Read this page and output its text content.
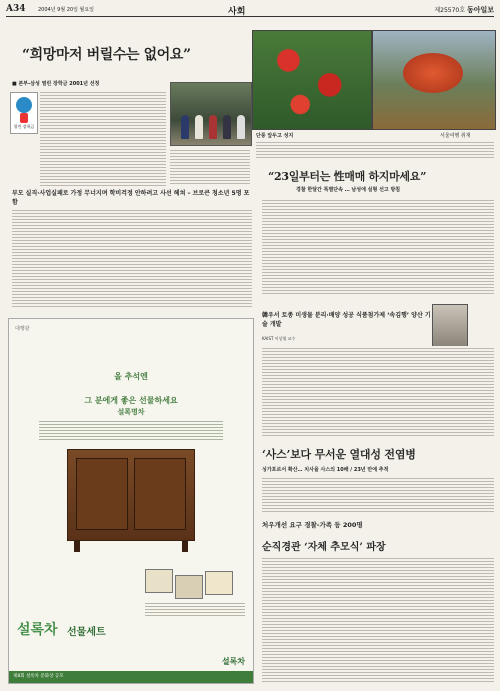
A34 2004년 9월 20일 월요일	사회	제25570호 동아일보
“희망마저 버릴수는 없어요”
■ 본부-삼성 열린 장학금 2001년 선정
열린 장학금
부모 실직·사업실패로 가정 무너지며 학비걱정 안하려고 사선 헤쳐 – 브로큰 청소년 5명 포함
단풍 앞두고 성지	서울여행 취재
“23일부터는 性매매 하지마세요”
경찰 한달간 특별단속 … 남성에 실형 선고 방침
대행광
올 추석엔
그 분에게 좋은 선물하세요
설록명차
설록차 선물세트
설록차
제8회 설록차 문화상 공모
韓우서 토종 미생물 분리·배양 성공 식품첨가제 ‘속김행’ 양산 기술 개발
KAIST 이상엽 교수
‘사스’보다 무서운 열대성 전염병
싱가포르서 확산… 치사율 사스의 10배 / 23년 만에 추적
처우개선 요구 경찰-가족 등 200명
순직경관 ‘자체 추모식’ 파장
